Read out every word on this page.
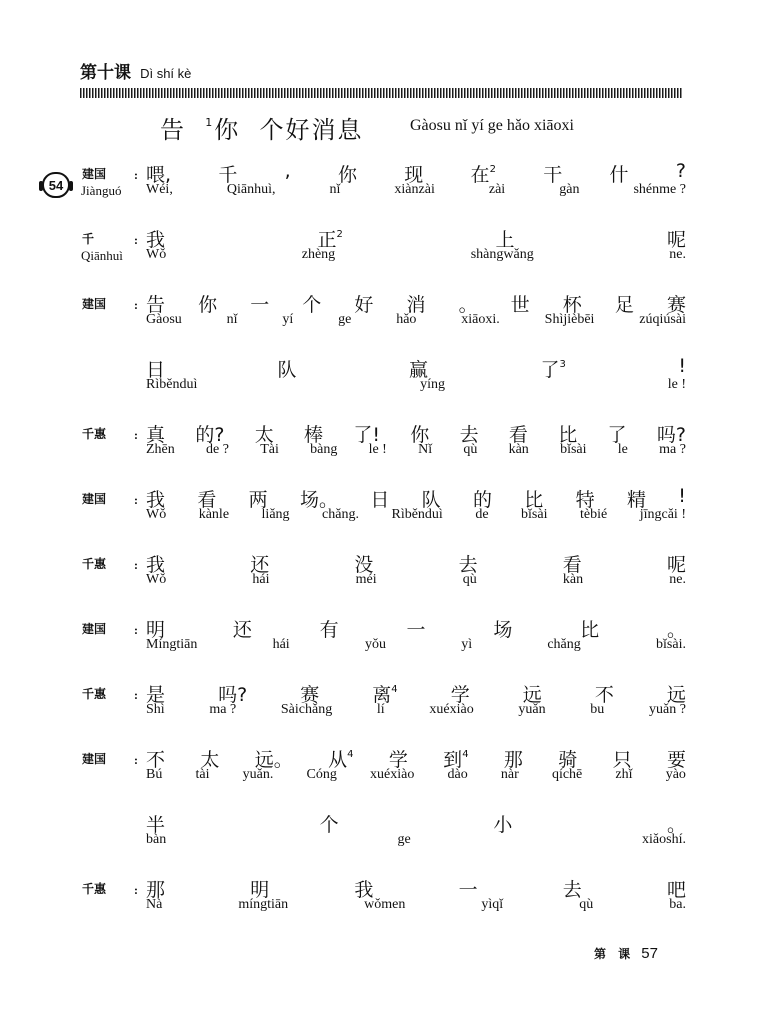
第十课 Dì shí kè
告  $^1$你  个好消息	Gàosu nǐ yí ge hǎo xiāoxi
54
建国
Jiànguó
: 喂, 千 , 你 现 在$^2$ 干 什 ?
Wéi,	Qiānhuì,	nǐ	xiànzài	zài	gàn	shénme ?
千
Qiānhuì
: 我	正$^2$	上	呢
Wǒ	zhèng	shàngwǎng	ne.
建国 : 告 你 一 个 好 消 。 世 杯 足 赛
Gàosu	nǐ	yí	ge	hǎo	xiāoxi.	Shìjièbēi	zúqiúsài
日	队	赢	了$^3$	!
Rìběnduì	yíng	le !
千惠 : 真 的? 太 棒 了! 你 去 看 比 了 吗?
Zhēn de ? Tài bàng le ! Nǐ qù kàn bǐsài le ma ?
建国 : 我 看 两 场。 日 队 的 比 特 精 !
Wǒ kànle liǎng chǎng. Rìběnduì de bǐsài tèbié jīngcǎi !
千惠 : 我	还	没	去	看	呢
Wǒ	hái	méi	qù	kàn	ne.
建国 : 明	还	有	一	场	比	。
Míngtiān	hái	yǒu	yì	chǎng	bǐsài.
千惠 : 是	吗?	赛	离$^4$	学	远	不	远
Shì	ma ?	Sàichǎng	lí	xuéxiào	yuǎn	bu	yuǎn ?
建国 : 不 太 远。 从$^4$ 学 到$^4$ 那 骑 只 要
Bú tài yuǎn. Cóng xuéxiào dào nàr qíchē zhǐ yào
半	个	小	。
bàn	ge	xiǎoshí.
千惠 : 那	明	我	一	去	吧
Nà	míngtiān	wǒmen	yìqǐ	qù	ba.
第 课 57
